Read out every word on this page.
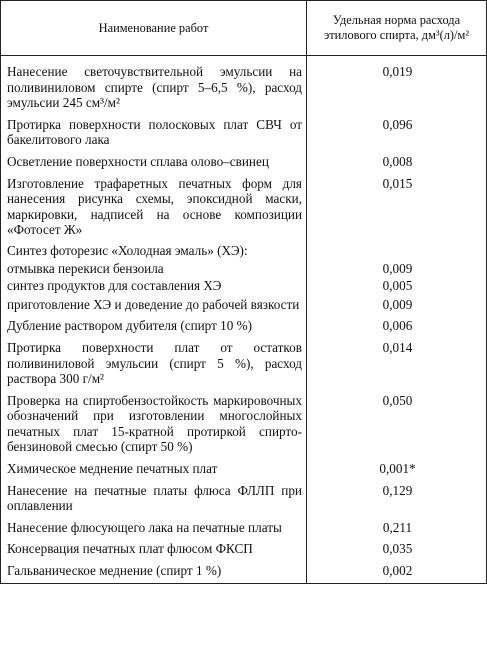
Наименование работ	Удельная норма расхода этилового спирта, дм³(л)/м²
Нанесение светочувствительной эмульсии на поливиниловом спирте (спирт 5–6,5 %), расход эмульсии 245 см³/м²	0,019
Протирка поверхности полосковых плат СВЧ от бакелитового лака	0,096
Осветление поверхности сплава олово–свинец	0,008
Изготовление трафаретных печатных форм для нанесения рисунка схемы, эпоксидной маски, маркировки, надписей на основе композиции «Фотосет Ж»	0,015
Синтез фоторезис «Холодная эмаль» (ХЭ):	
отмывка перекиси бензоила	0,009
синтез продуктов для составления ХЭ	0,005
приготовление ХЭ и доведение до рабочей вязкости	0,009
Дубление раствором дубителя (спирт 10 %)	0,006
Протирка поверхности плат от остатков поливиниловой эмульсии (спирт 5 %), расход раствора 300 г/м²	0,014
Проверка на спиртобензостойкость маркировочных обозначений при изготовлении многослойных печатных плат 15-кратной протиркой спирто-бензиновой смесью (спирт 50 %)	0,050
Химическое меднение печатных плат	0,001*
Нанесение на печатные платы флюса ФЛЛП при оплавлении	0,129
Нанесение флюсующего лака на печатные платы	0,211
Консервация печатных плат флюсом ФКСП	0,035
Гальваническое меднение (спирт 1 %)	0,002
